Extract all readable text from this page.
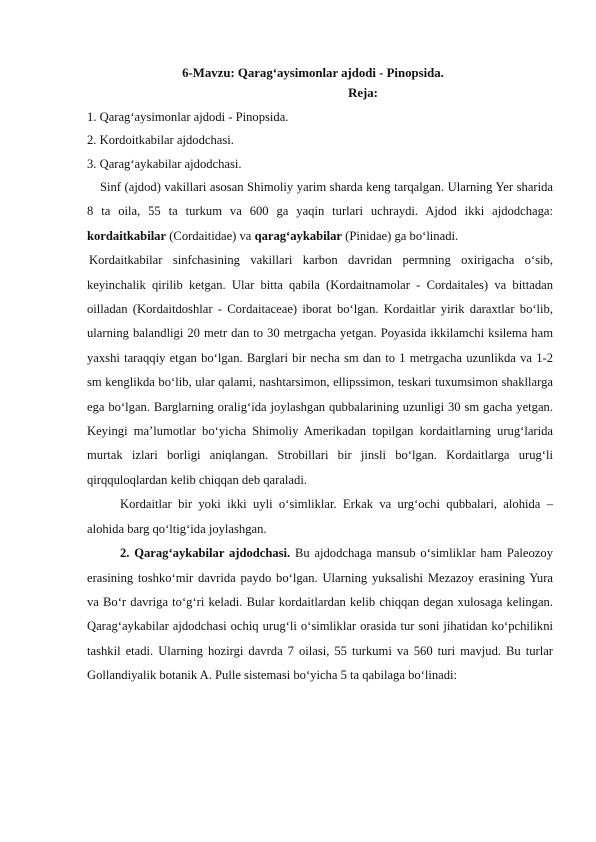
6-Mavzu: Qarag‘aysimonlar ajdodi - Pinopsida.
Reja:
1. Qarag‘aysimonlar ajdodi - Pinopsida.
2. Kordoitkabilar ajdodchasi.
3. Qarag‘aykabilar ajdodchasi.

Sinf (ajdod) vakillari asosan Shimoliy yarim sharda keng tarqalgan. Ularning Yer sharida 8 ta oila, 55 ta turkum va 600 ga yaqin turlari uchraydi. Ajdod ikki ajdodchaga: kordaitkabilar (Cordaitidae) va qarag‘aykabilar (Pinidae) ga bo‘linadi.

Kordaitkabilar sinfchasining vakillari karbon davridan permning oxirigacha o‘sib, keyinchalik qirilib ketgan. Ular bitta qabila (Kordaitnamolar - Cordaitales) va bittadan oilladan (Kordaitdoshlar - Cordaitaceae) iborat bo‘lgan. Kordaitlar yirik daraxtlar bo‘lib, ularning balandligi 20 metr dan to 30 metrgacha yetgan. Poyasida ikkilamchi ksilema ham yaxshi taraqqiy etgan bo‘lgan. Barglari bir necha sm dan to 1 metrgacha uzunlikda va 1-2 sm kenglikda bo‘lib, ular qalami, nashtarsimon, ellipssimon, teskari tuxumsimon shakllarga ega bo‘lgan. Barglarning oralig‘ida joylashgan qubbalarining uzunligi 30 sm gacha yetgan. Keyingi ma’lumotlar bo‘yicha Shimoliy Amerikadan topilgan kordaitlarning urug‘larida murtak izlari borligi aniqlangan. Strobillari bir jinsli bo‘lgan. Kordaitlarga urug‘li qirqquloqlardan kelib chiqqan deb qaraladi.

Kordaitlar bir yoki ikki uyli o‘simliklar. Erkak va urg‘ochi qubbalari, alohida –alohida barg qo‘ltig‘ida joylashgan.

2. Qarag‘aykabilar ajdodchasi. Bu ajdodchaga mansub o‘simliklar ham Paleozoy erasining toshko‘mir davrida paydo bo‘lgan. Ularning yuksalishi Mezazoy erasining Yura va Bo‘r davriga to‘g‘ri keladi. Bular kordaitlardan kelib chiqqan degan xulosaga kelingan. Qarag‘aykabilar ajdodchasi ochiq urug‘li o‘simliklar orasida tur soni jihatidan ko‘pchilikni tashkil etadi. Ularning hozirgi davrda 7 oilasi, 55 turkumi va 560 turi mavjud. Bu turlar Gollandiyalik botanik A. Pulle sistemasi bo‘yicha 5 ta qabilaga bo‘linadi:
